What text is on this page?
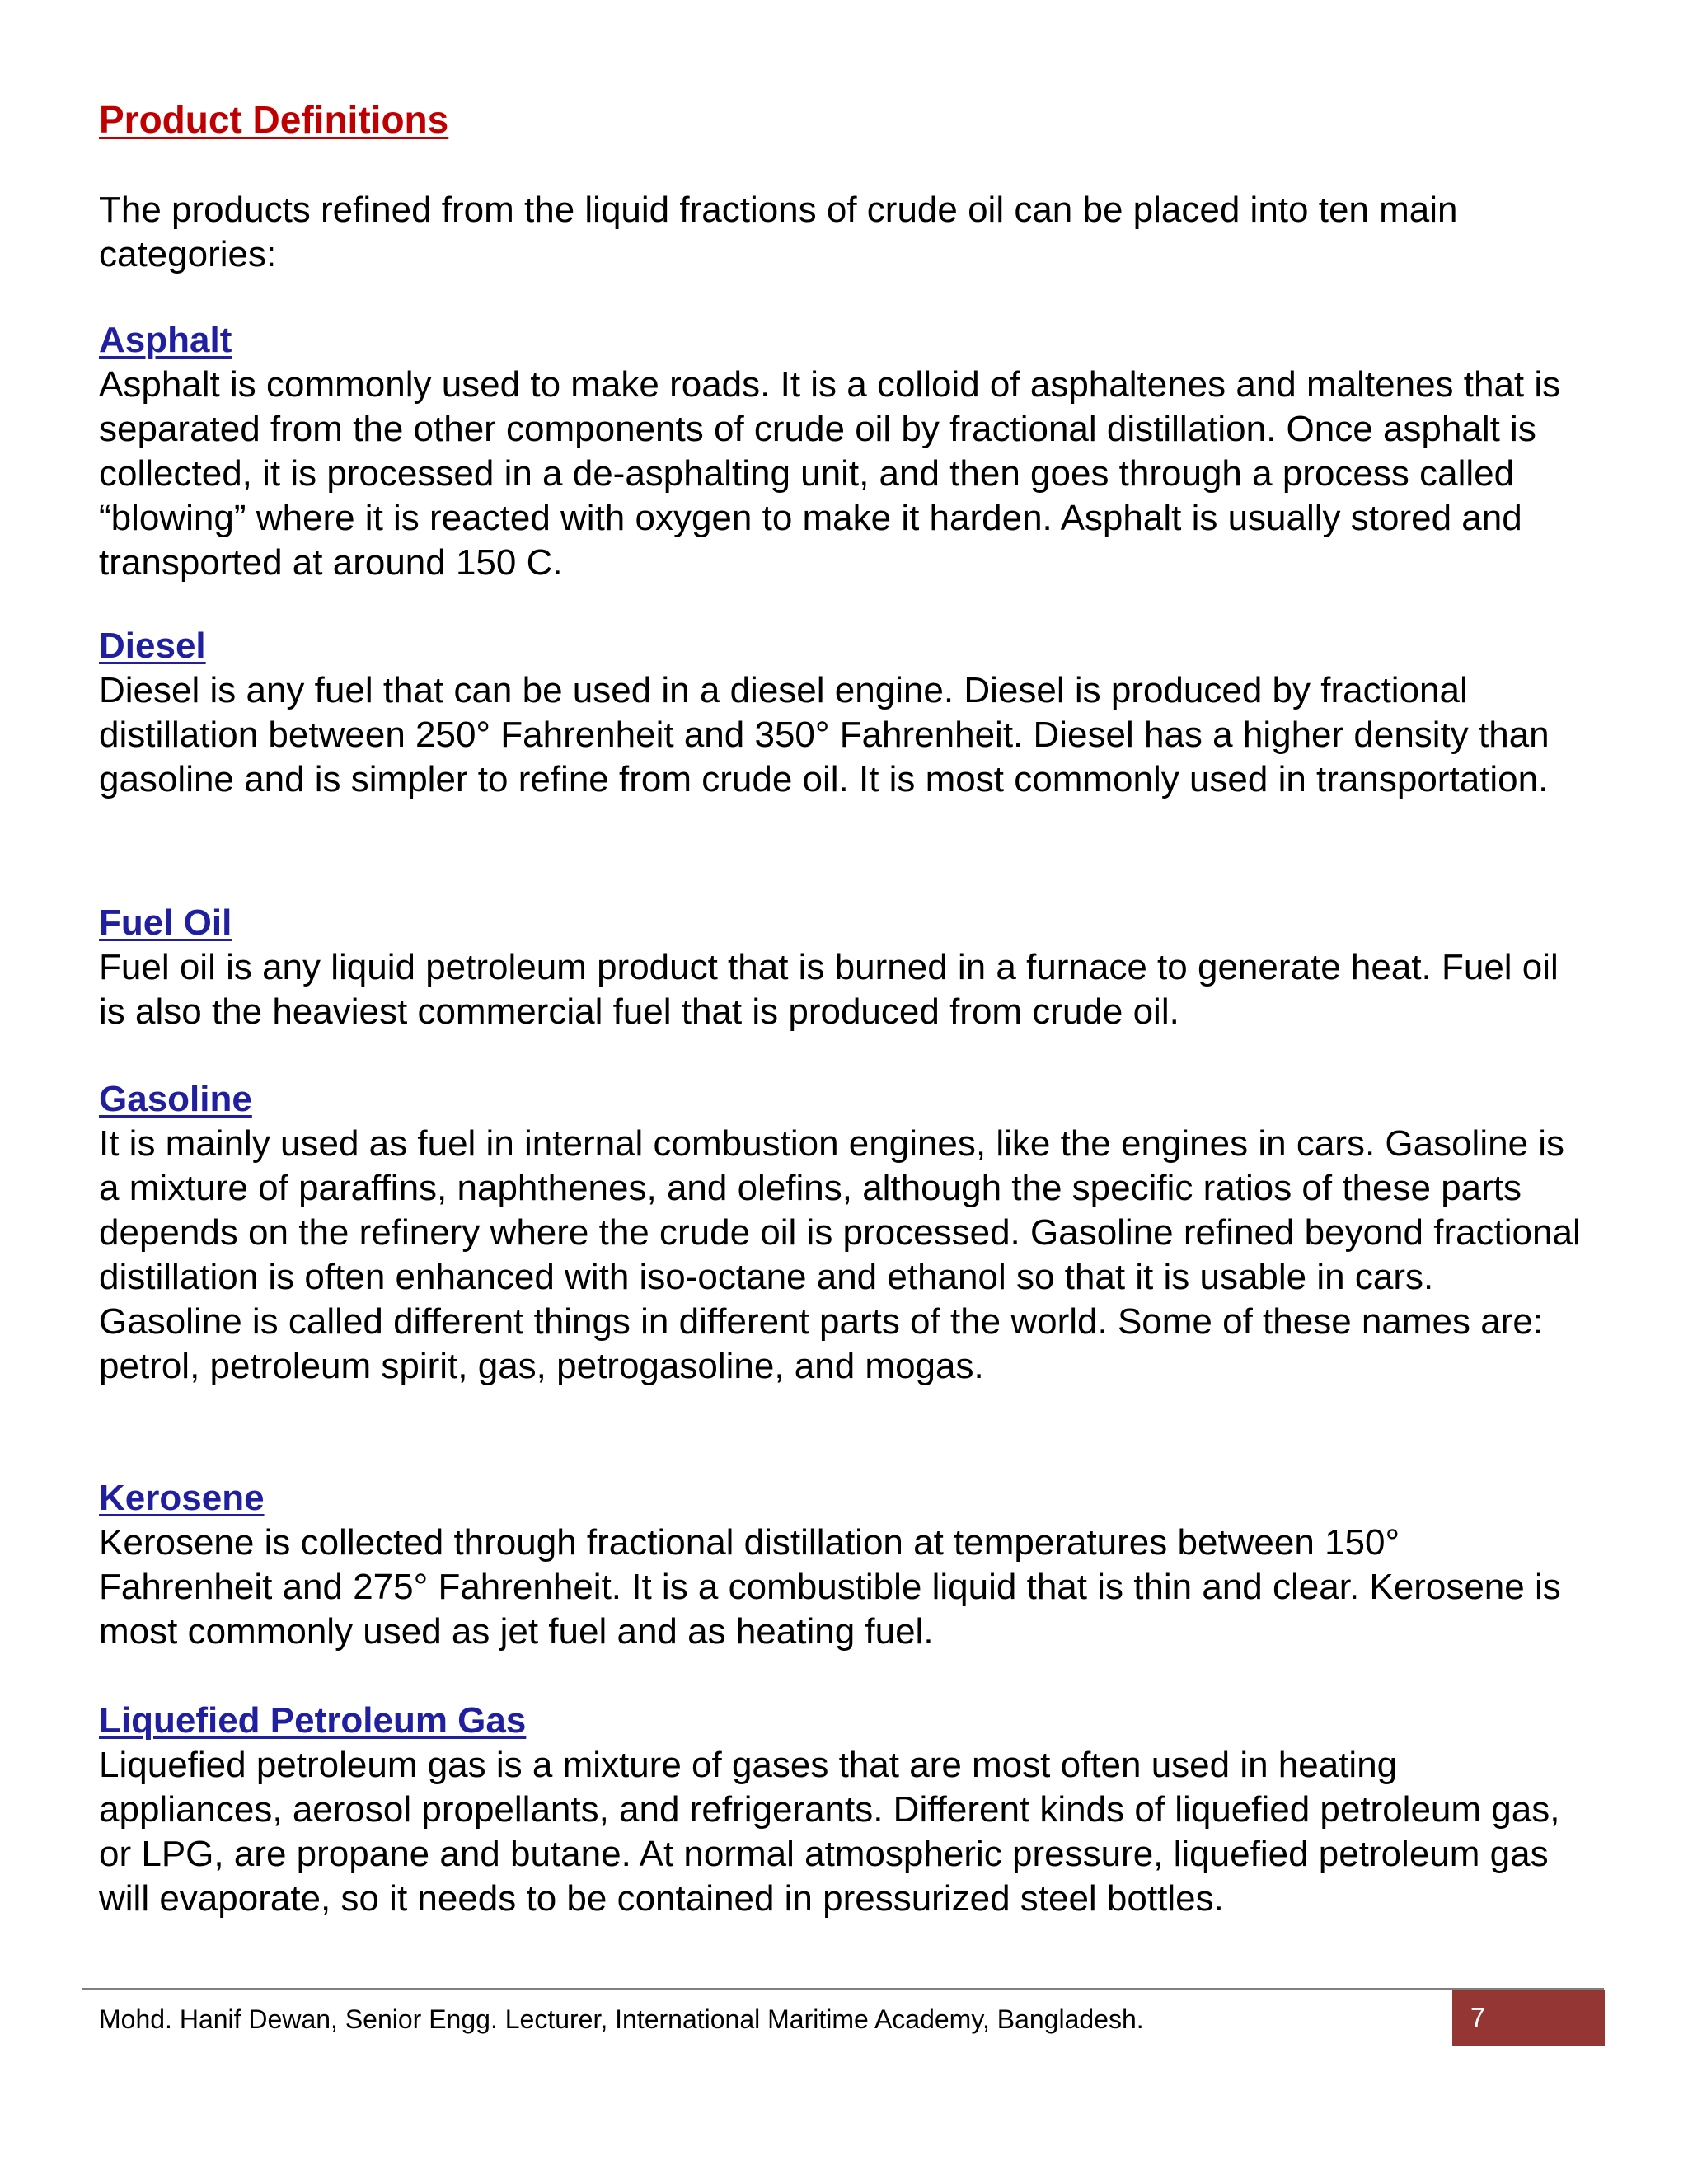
Product Definitions
The products refined from the liquid fractions of crude oil can be placed into ten main categories:
Asphalt

Asphalt is commonly used to make roads. It is a colloid of asphaltenes and maltenes that is separated from the other components of crude oil by fractional distillation. Once asphalt is collected, it is processed in a de-asphalting unit, and then goes through a process called “blowing” where it is reacted with oxygen to make it harden. Asphalt is usually stored and transported at around 150 C.

Diesel

Diesel is any fuel that can be used in a diesel engine. Diesel is produced by fractional distillation between 250° Fahrenheit and 350° Fahrenheit. Diesel has a higher density than gasoline and is simpler to refine from crude oil. It is most commonly used in transportation.

Fuel Oil

Fuel oil is any liquid petroleum product that is burned in a furnace to generate heat. Fuel oil is also the heaviest commercial fuel that is produced from crude oil.

Gasoline

It is mainly used as fuel in internal combustion engines, like the engines in cars. Gasoline is a mixture of paraffins, naphthenes, and olefins, although the specific ratios of these parts depends on the refinery where the crude oil is processed. Gasoline refined beyond fractional distillation is often enhanced with iso-octane and ethanol so that it is usable in cars.

Gasoline is called different things in different parts of the world. Some of these names are: petrol, petroleum spirit, gas, petrogasoline, and mogas.

Kerosene

Kerosene is collected through fractional distillation at temperatures between 150° Fahrenheit and 275° Fahrenheit. It is a combustible liquid that is thin and clear. Kerosene is most commonly used as jet fuel and as heating fuel.

Liquefied Petroleum Gas

Liquefied petroleum gas is a mixture of gases that are most often used in heating appliances, aerosol propellants, and refrigerants. Different kinds of liquefied petroleum gas, or LPG, are propane and butane. At normal atmospheric pressure, liquefied petroleum gas will evaporate, so it needs to be contained in pressurized steel bottles.

Mohd. Hanif Dewan, Senior Engg. Lecturer, International Maritime Academy, Bangladesh.	7
